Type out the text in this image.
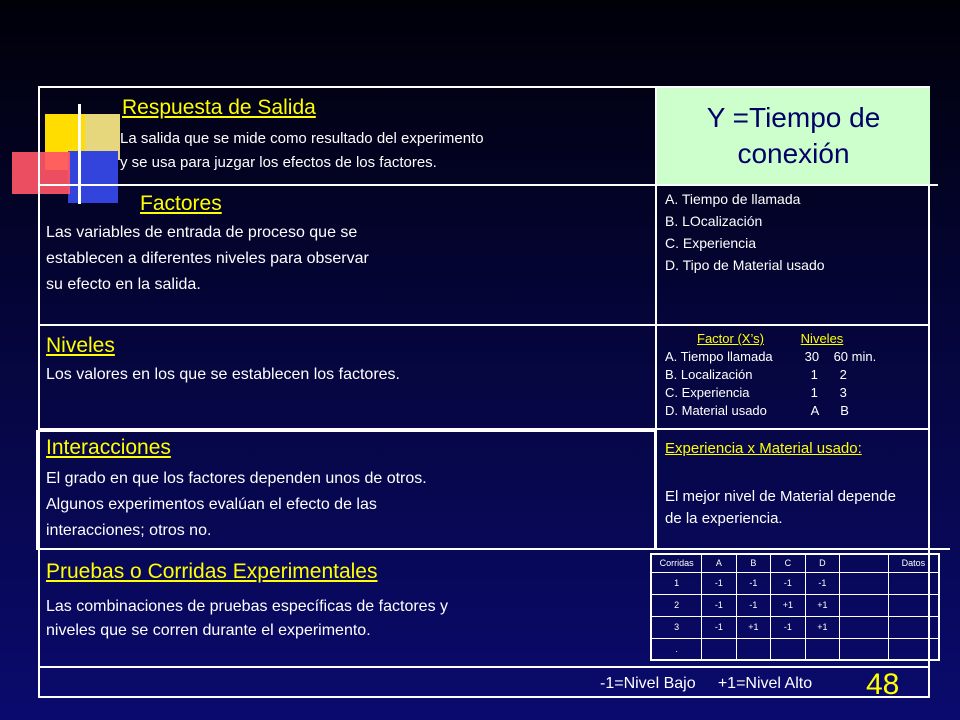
Respuesta de Salida
La salida que se mide como resultado del experimento
y se usa para juzgar los efectos de los factores.
Y =Tiempo de conexión
Factores
Las variables de entrada de proceso que se
establecen a diferentes niveles para observar
su efecto en la salida.
A. Tiempo de llamada
B. LOcalización
C. Experiencia
D. Tipo de Material usado
Niveles
Los valores en los que se establecen los factores.
Factor (X’s)	Niveles
A. Tiempo llamada	30    60 min.
B. Localización	1      2
C. Experiencia	1      3
D. Material usado	A      B
Interacciones
El grado en que los factores dependen unos de otros.
Algunos experimentos evalúan el efecto de las
interacciones; otros no.
Experiencia x Material usado:
El mejor nivel de Material depende de la experiencia.
Pruebas o Corridas Experimentales
Las combinaciones de pruebas específicas de factores y
niveles que se corren durante el experimento.
Corridas	A	B	C	D		Datos
1	-1	-1	-1	-1		
2	-1	-1	+1	+1		
3	-1	+1	-1	+1		
.						
-1=Nivel Bajo     +1=Nivel Alto 48
